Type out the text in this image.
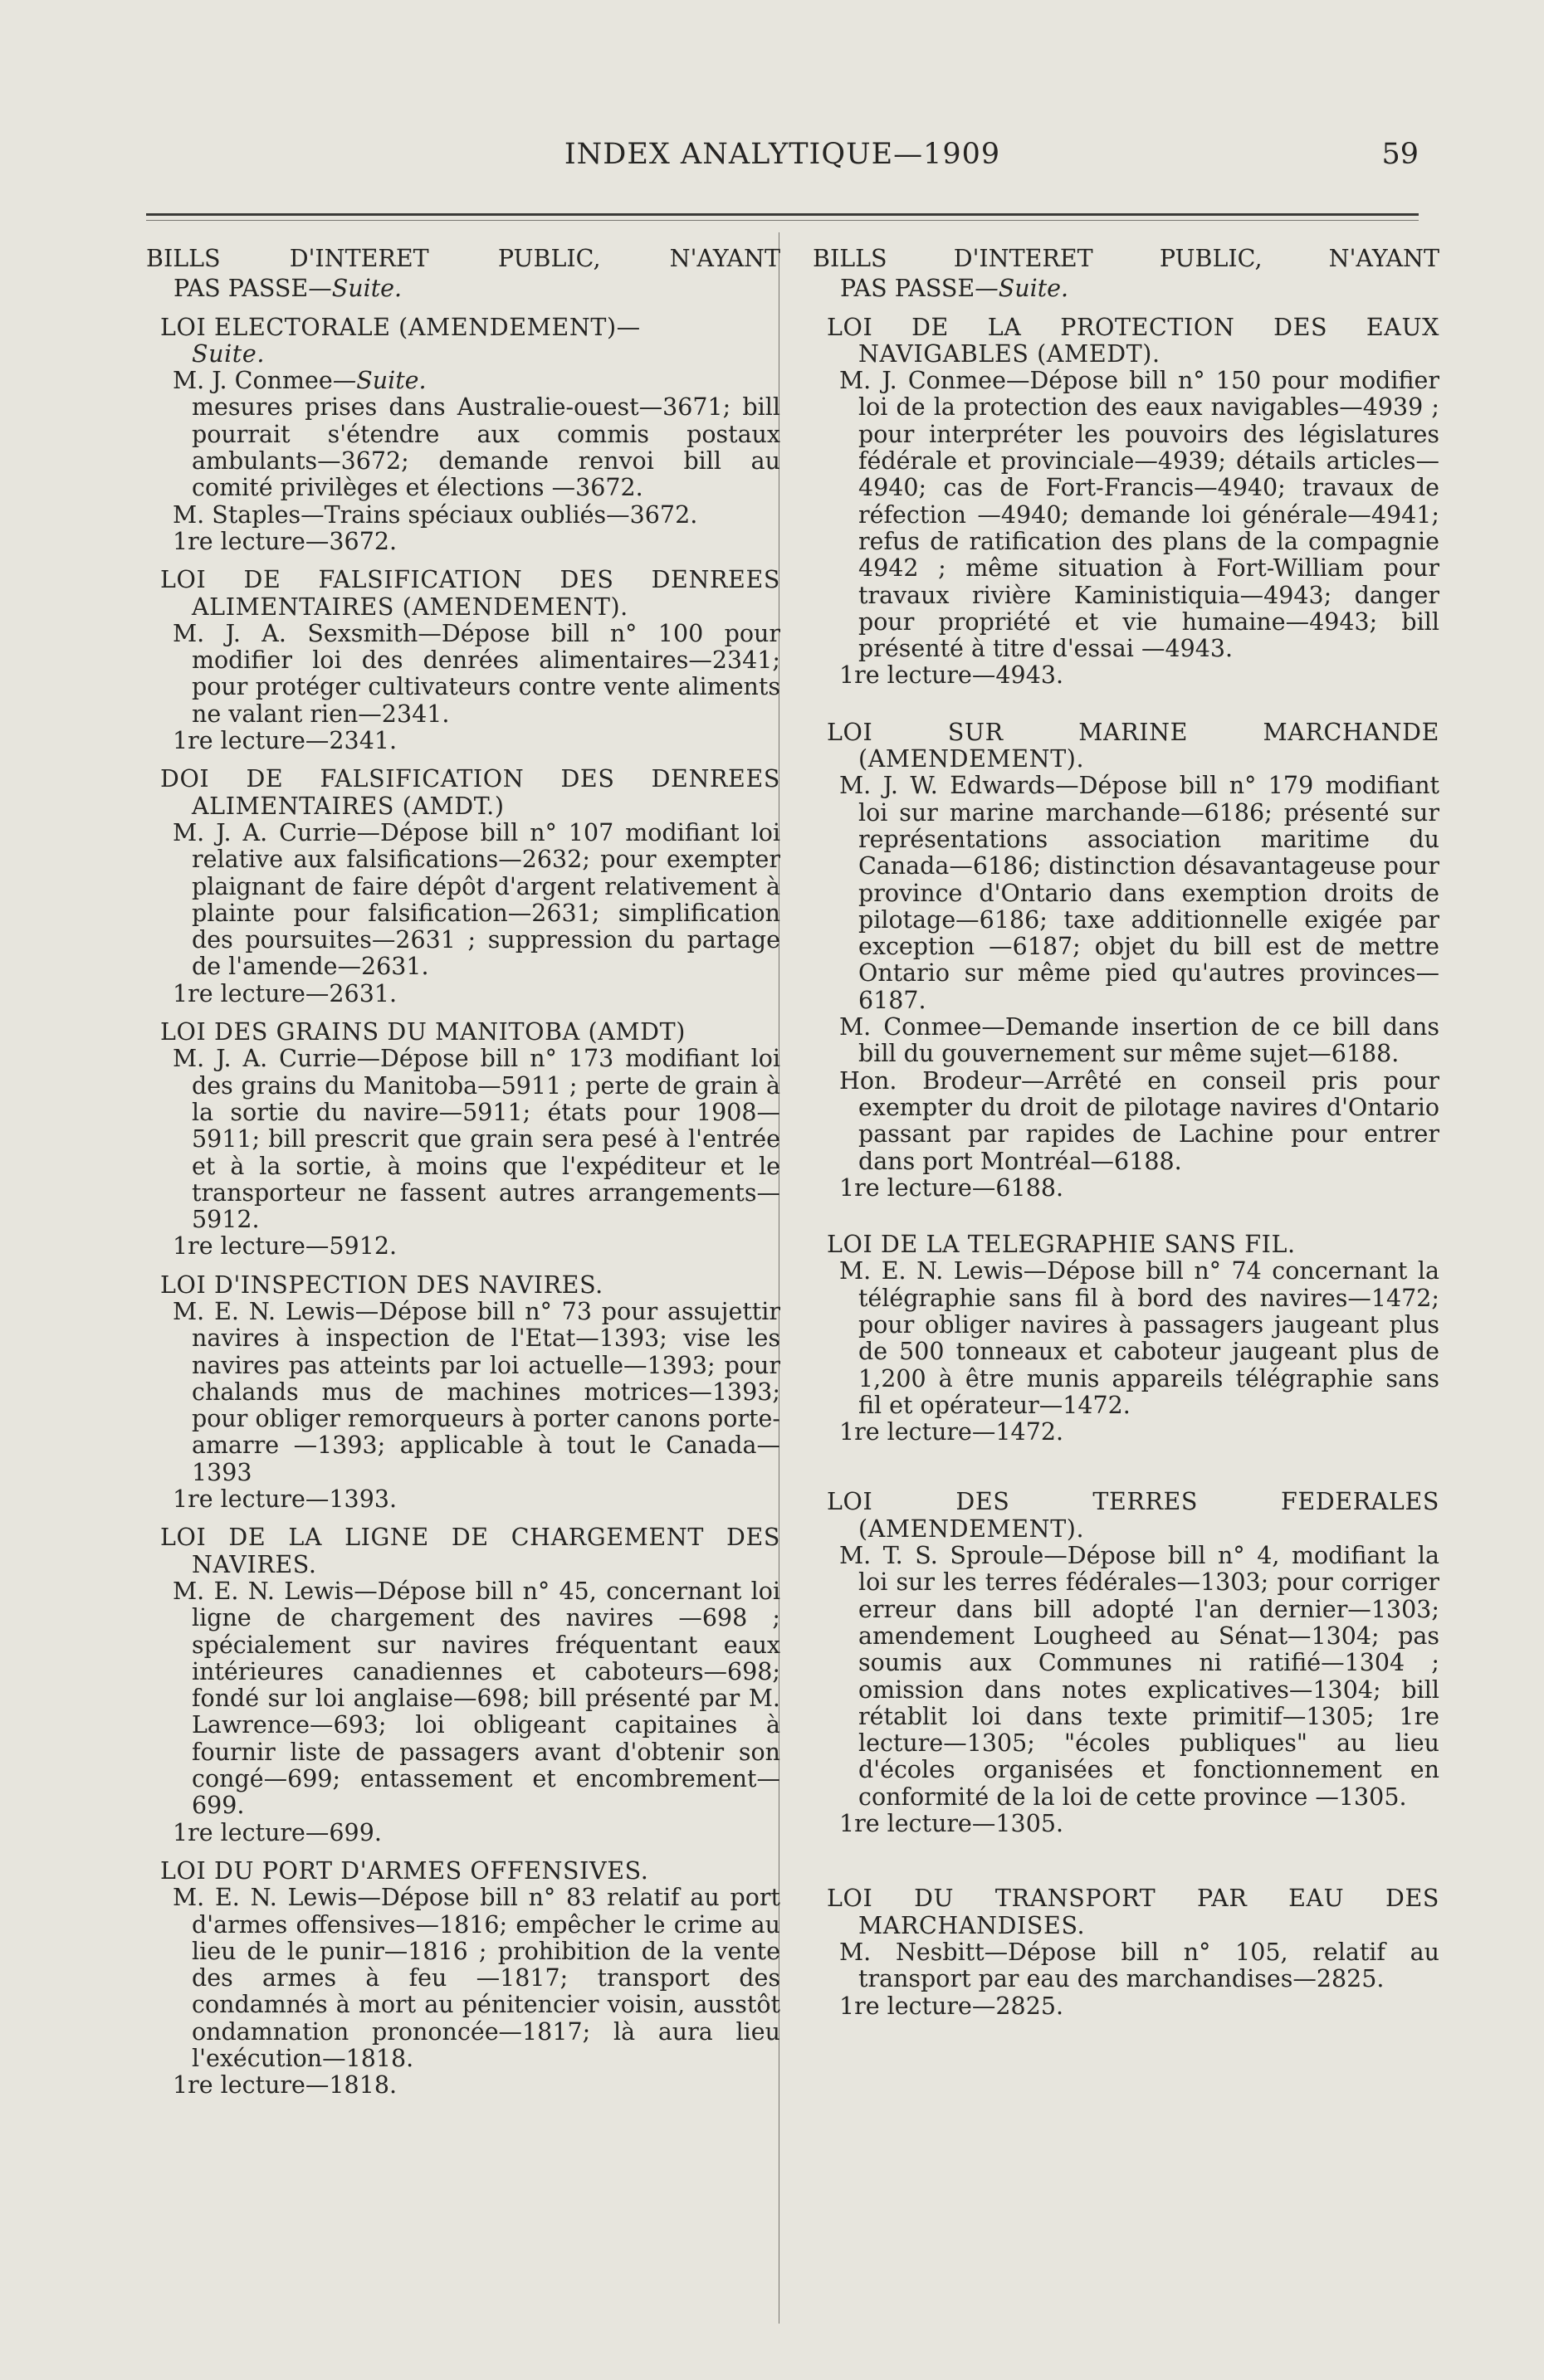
INDEX ANALYTIQUE—1909	59

BILLS D'INTERET PUBLIC, N'AYANT

PAS PASSE—Suite.

LOI ELECTORALE (AMENDEMENT)—
Suite.

M. J. Conmee—Suite.

mesures prises dans Australie-ouest—3671; bill pourrait s'étendre aux commis postaux ambulants—3672; demande renvoi bill au comité privilèges et élections —3672.

M. Staples—Trains spéciaux oubliés—3672.

1re lecture—3672.

LOI DE FALSIFICATION DES DENREES ALIMENTAIRES (AMENDEMENT).

M. J. A. Sexsmith—Dépose bill n° 100 pour modifier loi des denrées alimentaires—2341; pour protéger cultivateurs contre vente aliments ne valant rien—2341.

1re lecture—2341.

DOI DE FALSIFICATION DES DENREES ALIMENTAIRES (AMDT.)

M. J. A. Currie—Dépose bill n° 107 modifiant loi relative aux falsifications—2632; pour exempter plaignant de faire dépôt d'argent relativement à plainte pour falsification—2631; simplification des poursuites—2631 ; suppression du partage de l'amende—2631.

1re lecture—2631.

LOI DES GRAINS DU MANITOBA (AMDT)

M. J. A. Currie—Dépose bill n° 173 modifiant loi des grains du Manitoba—5911 ; perte de grain à la sortie du navire—5911; états pour 1908—5911; bill prescrit que grain sera pesé à l'entrée et à la sortie, à moins que l'expéditeur et le transporteur ne fassent autres arrangements—5912.

1re lecture—5912.

LOI D'INSPECTION DES NAVIRES.

M. E. N. Lewis—Dépose bill n° 73 pour assujettir navires à inspection de l'Etat—1393; vise les navires pas atteints par loi actuelle—1393; pour chalands mus de machines motrices—1393; pour obliger remorqueurs à porter canons porte-amarre —1393; applicable à tout le Canada—1393

1re lecture—1393.

LOI DE LA LIGNE DE CHARGEMENT DES NAVIRES.

M. E. N. Lewis—Dépose bill n° 45, concernant loi ligne de chargement des navires —698 ; spécialement sur navires fréquentant eaux intérieures canadiennes et caboteurs—698; fondé sur loi anglaise—698; bill présenté par M. Lawrence—693; loi obligeant capitaines à fournir liste de passagers avant d'obtenir son congé—699; entassement et encombrement—699.

1re lecture—699.

LOI DU PORT D'ARMES OFFENSIVES.

M. E. N. Lewis—Dépose bill n° 83 relatif au port d'armes offensives—1816; empêcher le crime au lieu de le punir—1816 ; prohibition de la vente des armes à feu —1817; transport des condamnés à mort au pénitencier voisin, ausstôt ondamnation prononcée—1817; là aura lieu l'exécution—1818.

1re lecture—1818.

BILLS D'INTERET PUBLIC, N'AYANT

PAS PASSE—Suite.

LOI DE LA PROTECTION DES EAUX NAVIGABLES (AMEDT).

M. J. Conmee—Dépose bill n° 150 pour modifier loi de la protection des eaux navigables—4939 ; pour interpréter les pouvoirs des législatures fédérale et provinciale—4939; détails articles—4940; cas de Fort-Francis—4940; travaux de réfection —4940; demande loi générale—4941; refus de ratification des plans de la compagnie 4942 ; même situation à Fort-William pour travaux rivière Kaministiquia—4943; danger pour propriété et vie humaine—4943; bill présenté à titre d'essai —4943.

1re lecture—4943.

LOI SUR MARINE MARCHANDE (AMENDEMENT).

M. J. W. Edwards—Dépose bill n° 179 modifiant loi sur marine marchande—6186; présenté sur représentations association maritime du Canada—6186; distinction désavantageuse pour province d'Ontario dans exemption droits de pilotage—6186; taxe additionnelle exigée par exception —6187; objet du bill est de mettre Ontario sur même pied qu'autres provinces—6187.

M. Conmee—Demande insertion de ce bill dans bill du gouvernement sur même sujet—6188.

Hon. Brodeur—Arrêté en conseil pris pour exempter du droit de pilotage navires d'Ontario passant par rapides de Lachine pour entrer dans port Montréal—6188.

1re lecture—6188.

LOI DE LA TELEGRAPHIE SANS FIL.

M. E. N. Lewis—Dépose bill n° 74 concernant la télégraphie sans fil à bord des navires—1472; pour obliger navires à passagers jaugeant plus de 500 tonneaux et caboteur jaugeant plus de 1,200 à être munis appareils télégraphie sans fil et opérateur—1472.

1re lecture—1472.

LOI DES TERRES FEDERALES (AMENDEMENT).

M. T. S. Sproule—Dépose bill n° 4, modifiant la loi sur les terres fédérales—1303; pour corriger erreur dans bill adopté l'an dernier—1303; amendement Lougheed au Sénat—1304; pas soumis aux Communes ni ratifié—1304 ; omission dans notes explicatives—1304; bill rétablit loi dans texte primitif—1305; 1re lecture—1305; "écoles publiques" au lieu d'écoles organisées et fonctionnement en conformité de la loi de cette province —1305.

1re lecture—1305.

LOI DU TRANSPORT PAR EAU DES MARCHANDISES.

M. Nesbitt—Dépose bill n° 105, relatif au transport par eau des marchandises—2825.

1re lecture—2825.
